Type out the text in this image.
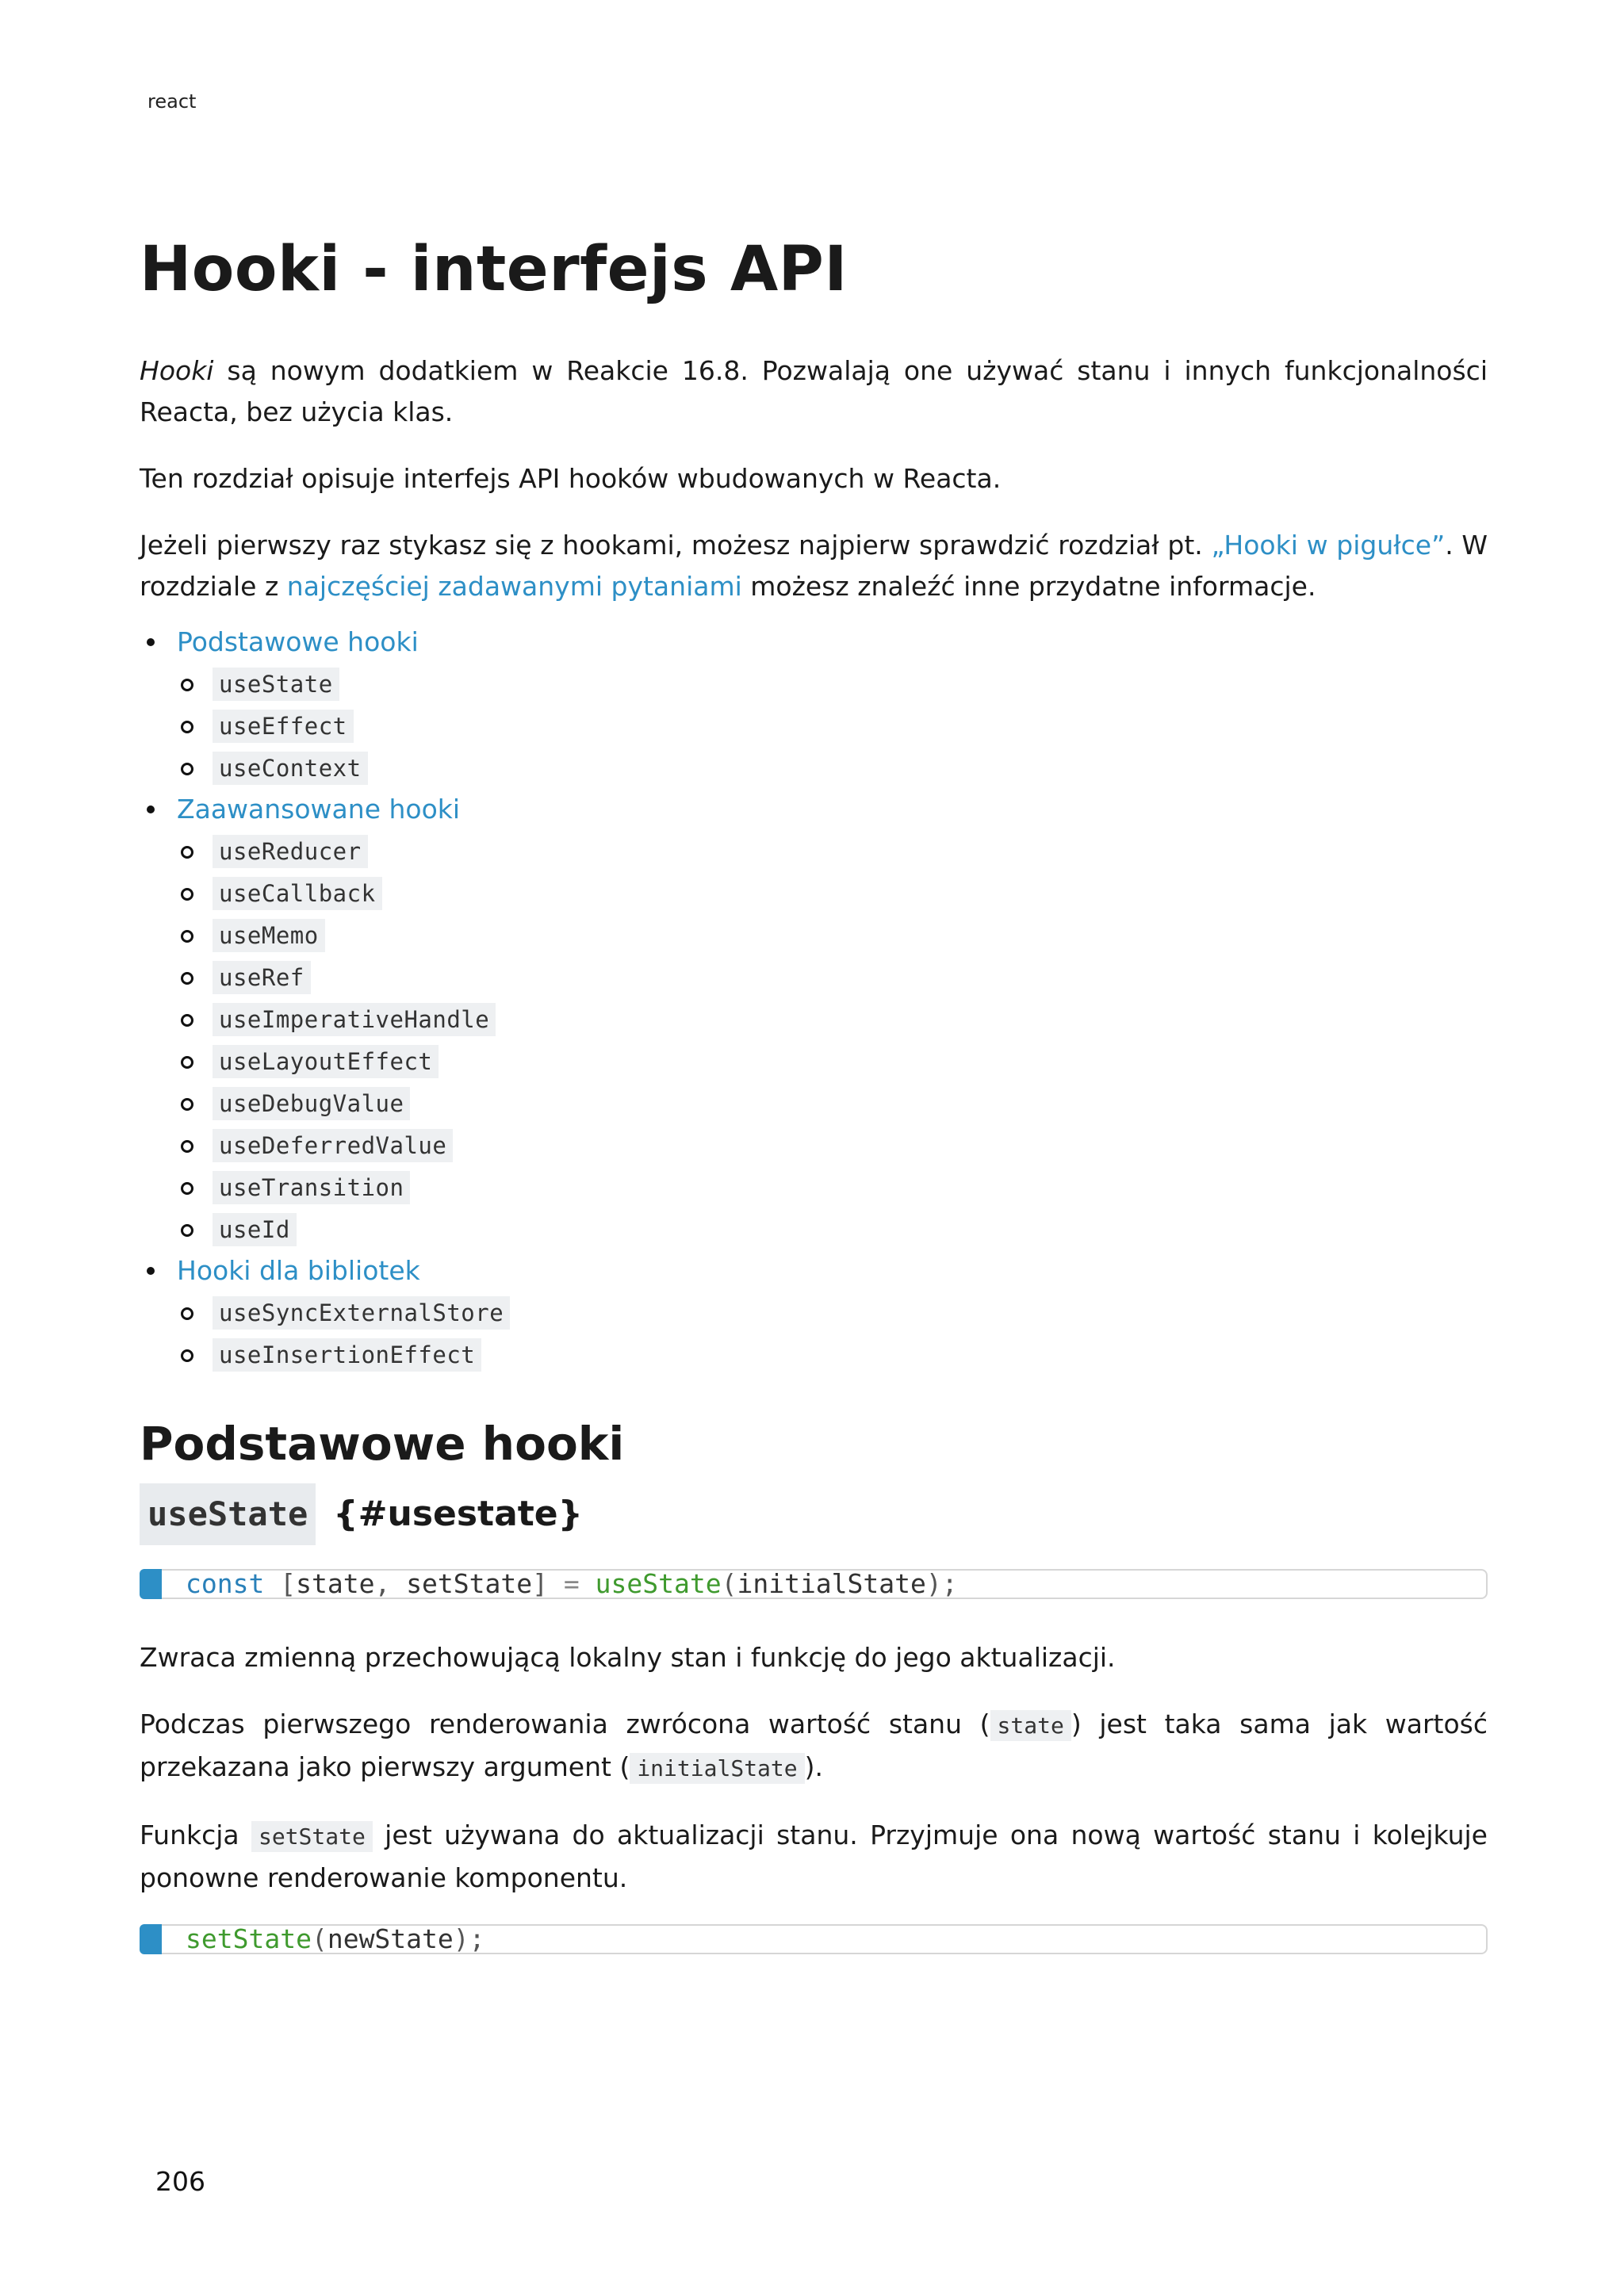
react
Hooki - interfejs API

Hooki są nowym dodatkiem w Reakcie 16.8. Pozwalają one używać stanu i innych funkcjonalności Reacta, bez użycia klas.

Ten rozdział opisuje interfejs API hooków wbudowanych w Reacta.

Jeżeli pierwszy raz stykasz się z hookami, możesz najpierw sprawdzić rozdział pt. „Hooki w pigułce”. W rozdziale z najczęściej zadawanymi pytaniami możesz znaleźć inne przydatne informacje.

Podstawowe hooki
useState
useEffect
useContext
Zaawansowane hooki
useReducer
useCallback
useMemo
useRef
useImperativeHandle
useLayoutEffect
useDebugValue
useDeferredValue
useTransition
useId
Hooki dla bibliotek
useSyncExternalStore
useInsertionEffect
Podstawowe hooki
useState {#usestate}
const [state, setState] = useState(initialState);

Zwraca zmienną przechowującą lokalny stan i funkcję do jego aktualizacji.

Podczas pierwszego renderowania zwrócona wartość stanu ( state ) jest taka sama jak wartość przekazana jako pierwszy argument ( initialState ).

Funkcja setState jest używana do aktualizacji stanu. Przyjmuje ona nową wartość stanu i kolejkuje ponowne renderowanie komponentu.

setState(newState);
206
